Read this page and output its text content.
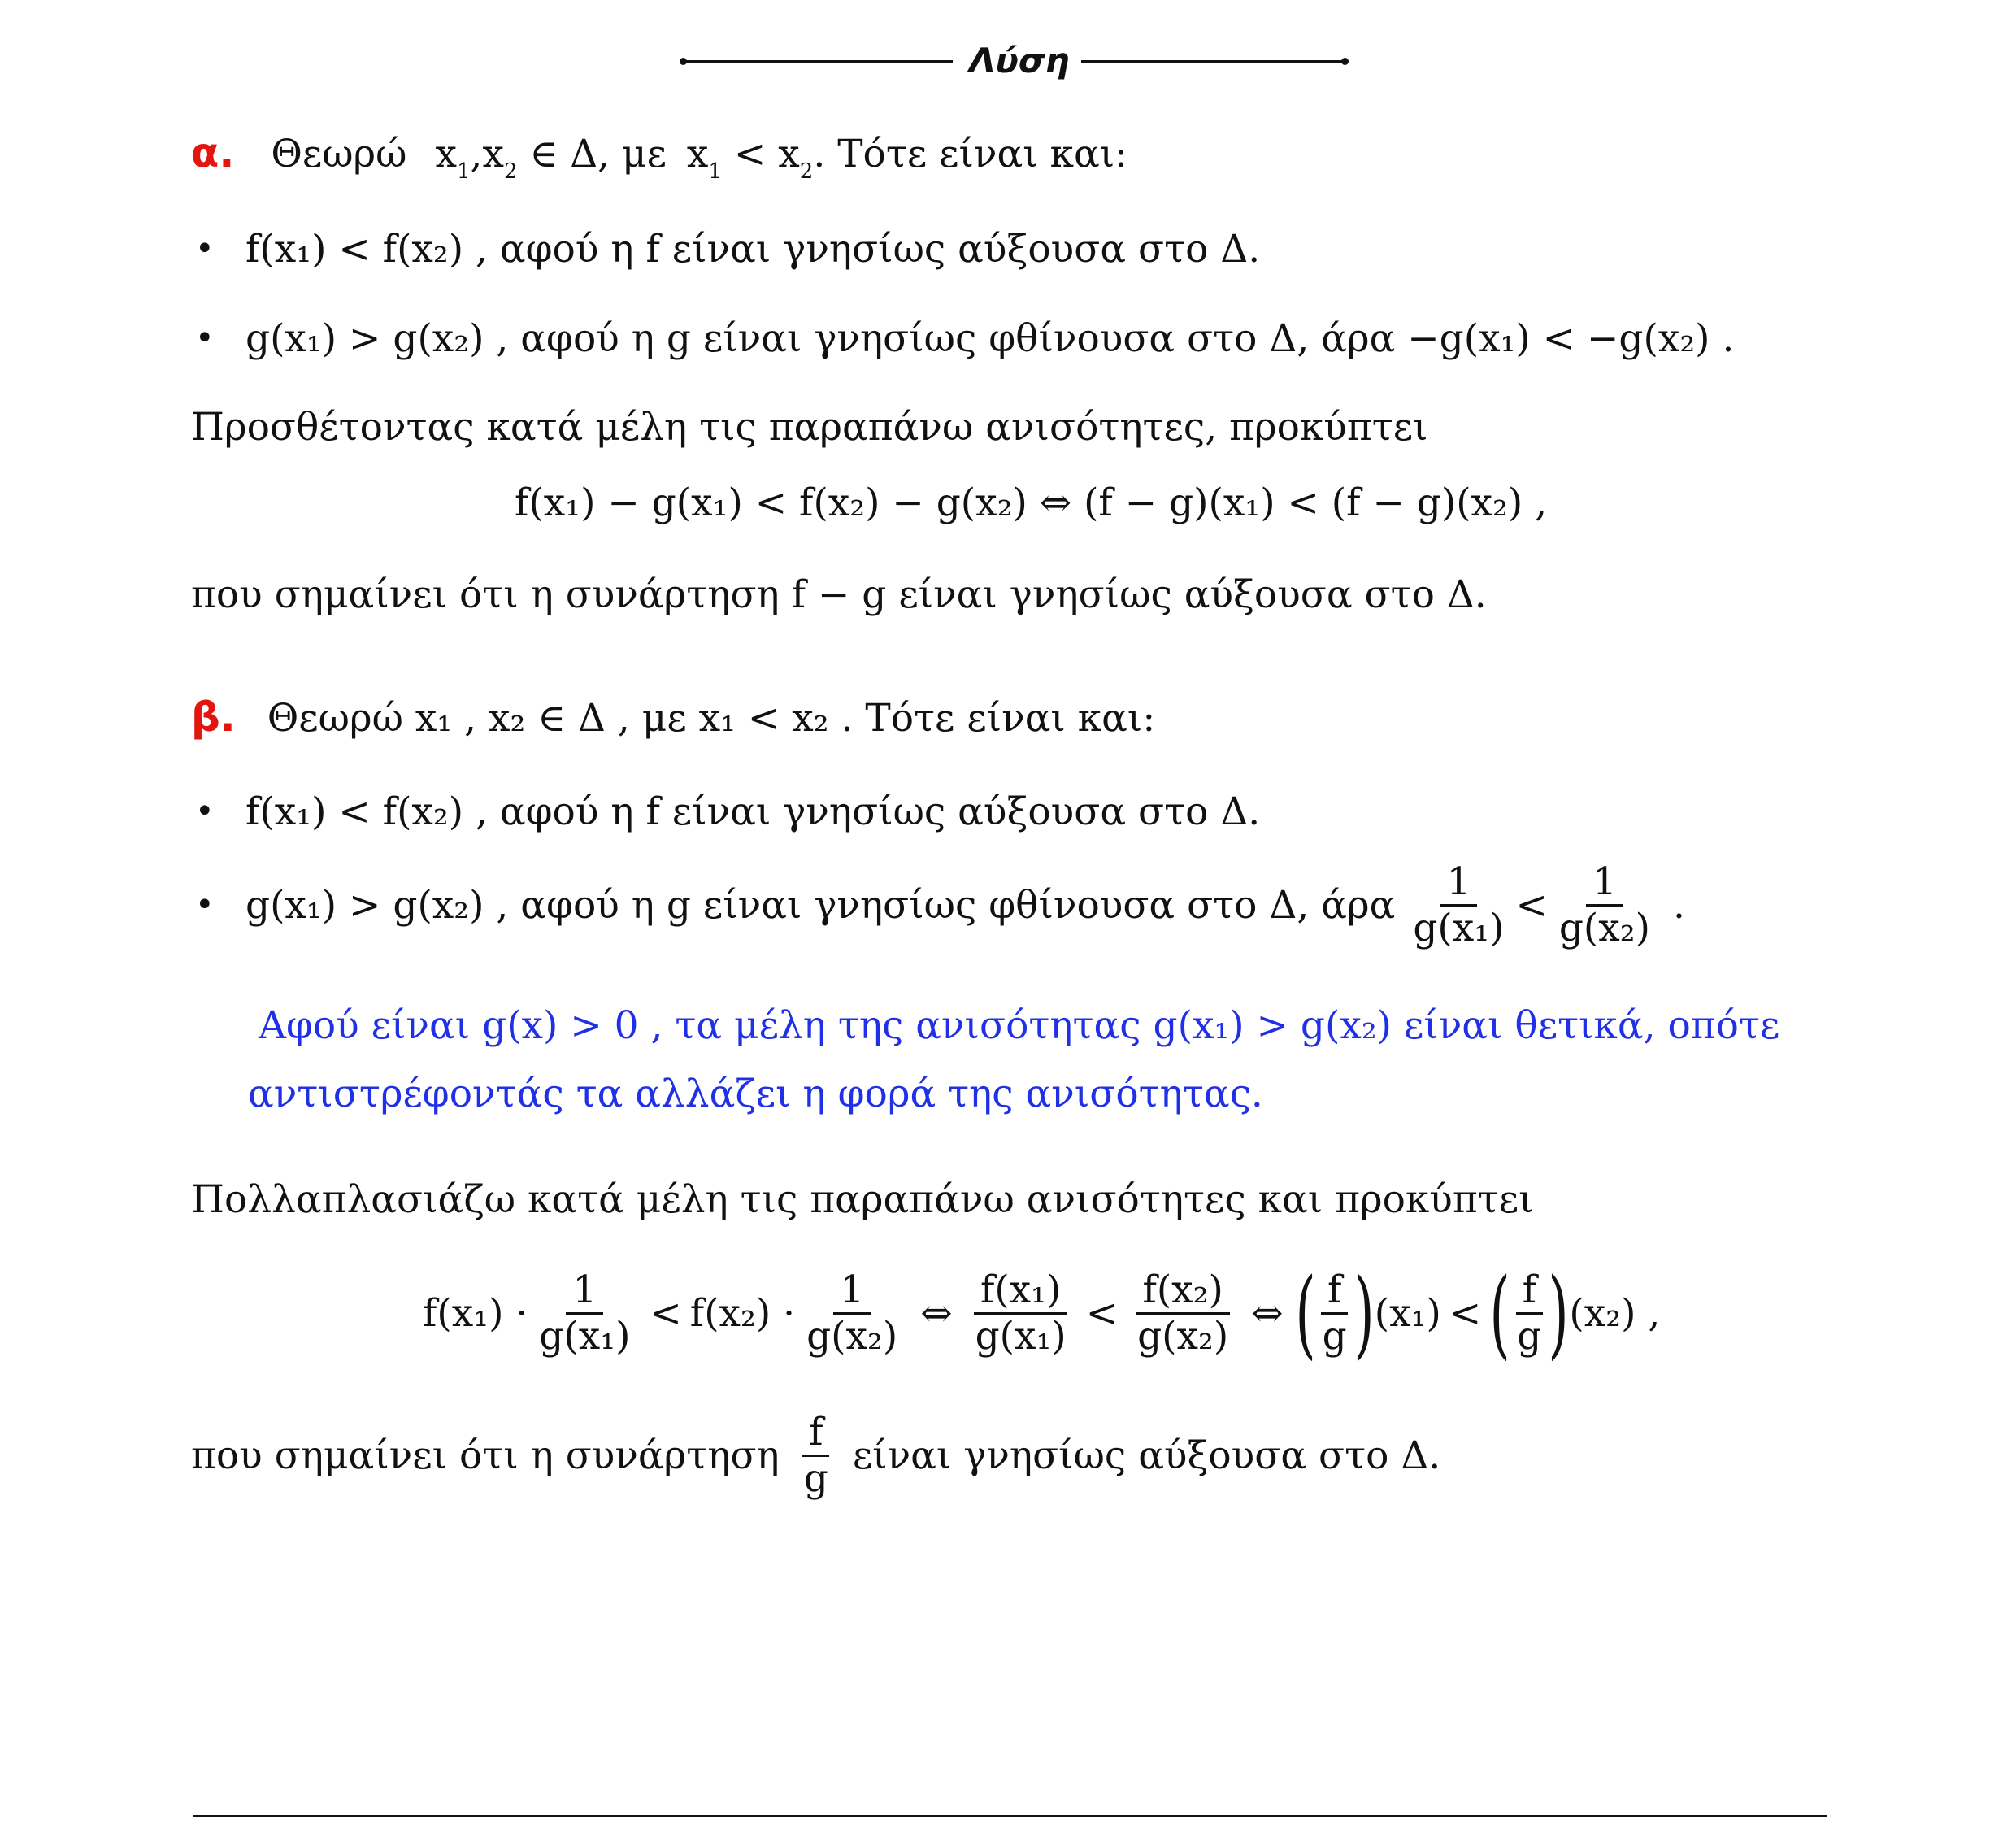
Λύση
α. Θεωρώ $x_1,x_2$ ∈ Δ, με $x_1 < x_2$. Τότε είναι και:
• f(x₁) < f(x₂) , αφού η f είναι γνησίως αύξουσα στο Δ.
• g(x₁) > g(x₂) , αφού η g είναι γνησίως φθίνουσα στο Δ, άρα −g(x₁) < −g(x₂) .
Προσθέτοντας κατά μέλη τις παραπάνω ανισότητες, προκύπτει
f(x₁) − g(x₁) < f(x₂) − g(x₂) ⇔ (f − g)(x₁) < (f − g)(x₂) ,
που σημαίνει ότι η συνάρτηση f − g είναι γνησίως αύξουσα στο Δ.
β. Θεωρώ x₁ , x₂ ∈ Δ , με x₁ < x₂ . Τότε είναι και:
• f(x₁) < f(x₂) , αφού η f είναι γνησίως αύξουσα στο Δ.
• g(x₁) > g(x₂) , αφού η g είναι γνησίως φθίνουσα στο Δ, άρα $\frac{1}{\text{g(x₁)}} < \frac{1}{\text{g(x₂)}}$ .
Αφού είναι g(x) > 0 , τα μέλη της ανισότητας g(x₁) > g(x₂) είναι θετικά, οπότε
αντιστρέφοντάς τα αλλάζει η φορά της ανισότητας.
Πολλαπλασιάζω κατά μέλη τις παραπάνω ανισότητες και προκύπτει
$f(x_1) \cdot \frac{1}{\text{g(x₁)}} < f(x_2) \cdot \frac{1}{\text{g(x₂)}}$ ⇔ $\frac{\text{f(x₁)}}{\text{g(x₁)}} < \frac{\text{f(x₂)}}{\text{g(x₂)}}$ ⇔ ( $\frac{f}{g}$ ) (x₁) < ( $\frac{f}{g}$ ) (x₂) ,
που σημαίνει ότι η συνάρτηση $\frac{f}{g}$ είναι γνησίως αύξουσα στο Δ.
